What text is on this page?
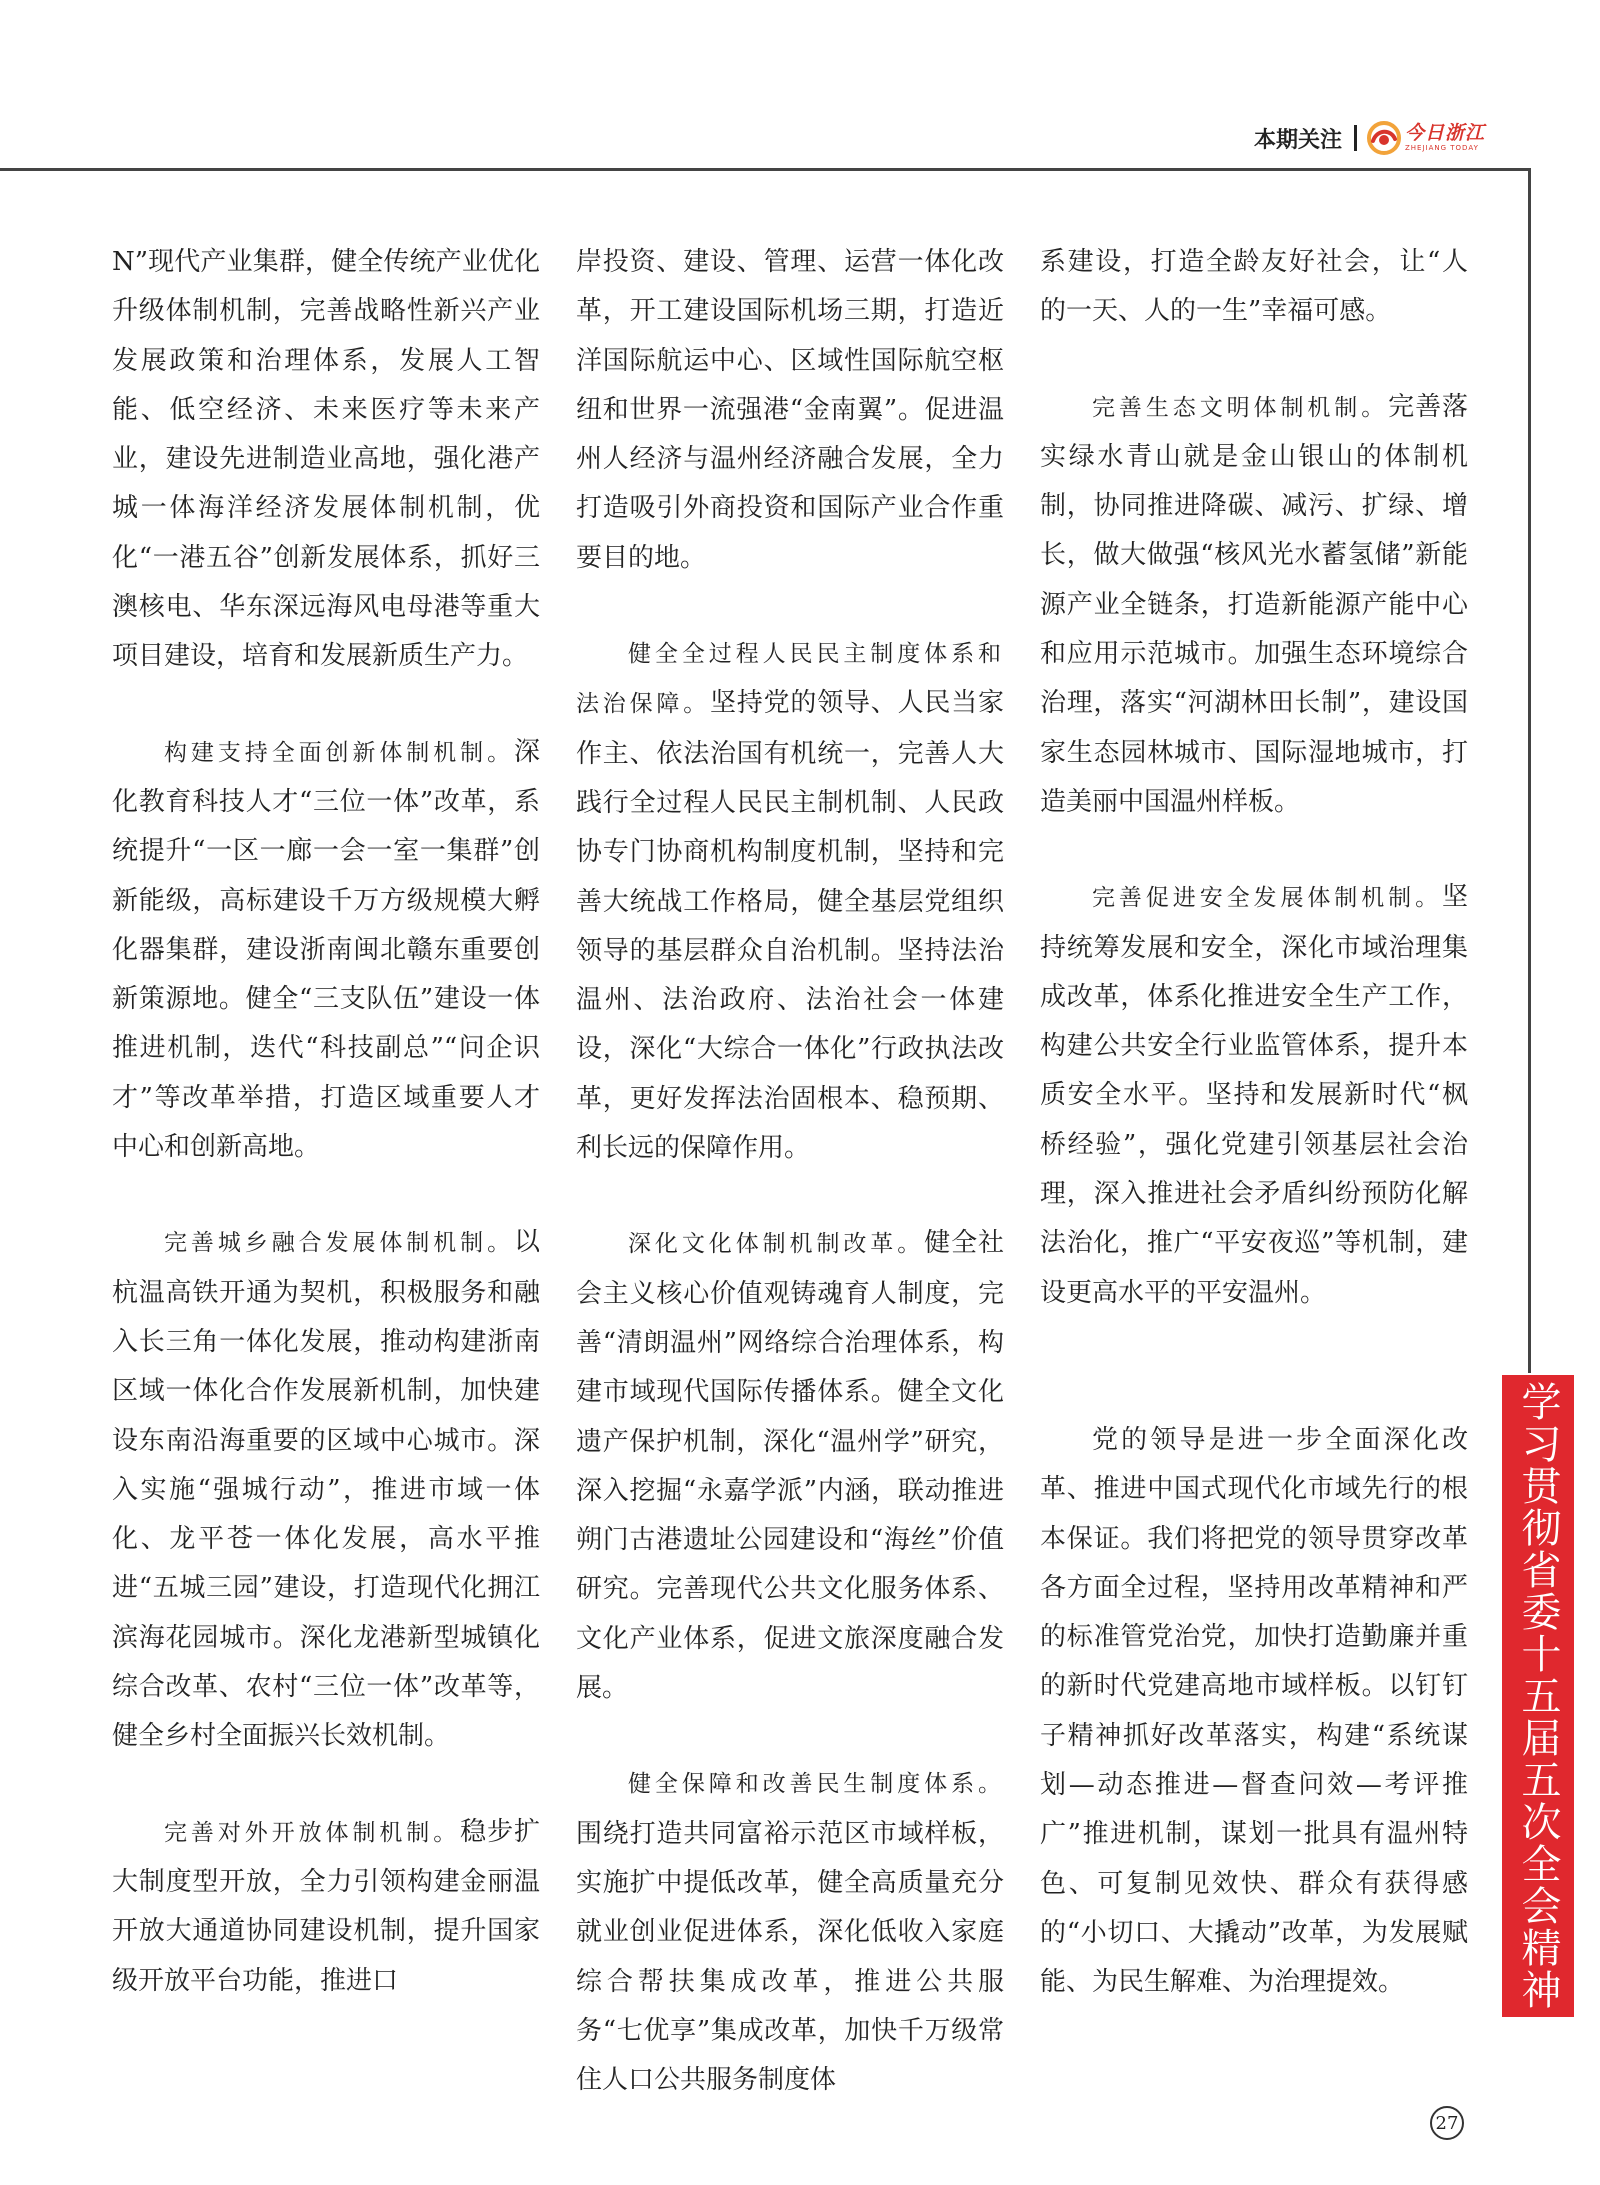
本期关注	今日浙江
ZHEJIANG TODAY

N”现代产业集群，健全传统产业优化升级体制机制，完善战略性新兴产业发展政策和治理体系，发展人工智能、低空经济、未来医疗等未来产业，建设先进制造业高地，强化港产城一体海洋经济发展体制机制，优化“一港五谷”创新发展体系，抓好三澳核电、华东深远海风电母港等重大项目建设，培育和发展新质生产力。

构建支持全面创新体制机制。深化教育科技人才“三位一体”改革，系统提升“一区一廊一会一室一集群”创新能级，高标建设千万方级规模大孵化器集群，建设浙南闽北赣东重要创新策源地。健全“三支队伍”建设一体推进机制，迭代“科技副总”“问企识才”等改革举措，打造区域重要人才中心和创新高地。

完善城乡融合发展体制机制。以杭温高铁开通为契机，积极服务和融入长三角一体化发展，推动构建浙南区域一体化合作发展新机制，加快建设东南沿海重要的区域中心城市。深入实施“强城行动”，推进市域一体化、龙平苍一体化发展，高水平推进“五城三园”建设，打造现代化拥江滨海花园城市。深化龙港新型城镇化综合改革、农村“三位一体”改革等，健全乡村全面振兴长效机制。

完善对外开放体制机制。稳步扩大制度型开放，全力引领构建金丽温开放大通道协同建设机制，提升国家级开放平台功能，推进口

岸投资、建设、管理、运营一体化改革，开工建设国际机场三期，打造近洋国际航运中心、区域性国际航空枢纽和世界一流强港“金南翼”。促进温州人经济与温州经济融合发展，全力打造吸引外商投资和国际产业合作重要目的地。

健全全过程人民民主制度体系和法治保障。坚持党的领导、人民当家作主、依法治国有机统一，完善人大践行全过程人民民主制机制、人民政协专门协商机构制度机制，坚持和完善大统战工作格局，健全基层党组织领导的基层群众自治机制。坚持法治温州、法治政府、法治社会一体建设，深化“大综合一体化”行政执法改革，更好发挥法治固根本、稳预期、利长远的保障作用。

深化文化体制机制改革。健全社会主义核心价值观铸魂育人制度，完善“清朗温州”网络综合治理体系，构建市域现代国际传播体系。健全文化遗产保护机制，深化“温州学”研究，深入挖掘“永嘉学派”内涵，联动推进朔门古港遗址公园建设和“海丝”价值研究。完善现代公共文化服务体系、文化产业体系，促进文旅深度融合发展。

健全保障和改善民生制度体系。围绕打造共同富裕示范区市域样板，实施扩中提低改革，健全高质量充分就业创业促进体系，深化低收入家庭综合帮扶集成改革，推进公共服务“七优享”集成改革，加快千万级常住人口公共服务制度体

系建设，打造全龄友好社会，让“人的一天、人的一生”幸福可感。

完善生态文明体制机制。完善落实绿水青山就是金山银山的体制机制，协同推进降碳、减污、扩绿、增长，做大做强“核风光水蓄氢储”新能源产业全链条，打造新能源产能中心和应用示范城市。加强生态环境综合治理，落实“河湖林田长制”，建设国家生态园林城市、国际湿地城市，打造美丽中国温州样板。

完善促进安全发展体制机制。坚持统筹发展和安全，深化市域治理集成改革，体系化推进安全生产工作，构建公共安全行业监管体系，提升本质安全水平。坚持和发展新时代“枫桥经验”，强化党建引领基层社会治理，深入推进社会矛盾纠纷预防化解法治化，推广“平安夜巡”等机制，建设更高水平的平安温州。

党的领导是进一步全面深化改革、推进中国式现代化市域先行的根本保证。我们将把党的领导贯穿改革各方面全过程，坚持用改革精神和严的标准管党治党，加快打造勤廉并重的新时代党建高地市域样板。以钉钉子精神抓好改革落实，构建“系统谋划—动态推进—督查问效—考评推广”推进机制，谋划一批具有温州特色、可复制见效快、群众有获得感的“小切口、大撬动”改革，为发展赋能、为民生解难、为治理提效。	学习贯彻省委十五届五次全会精神
27
